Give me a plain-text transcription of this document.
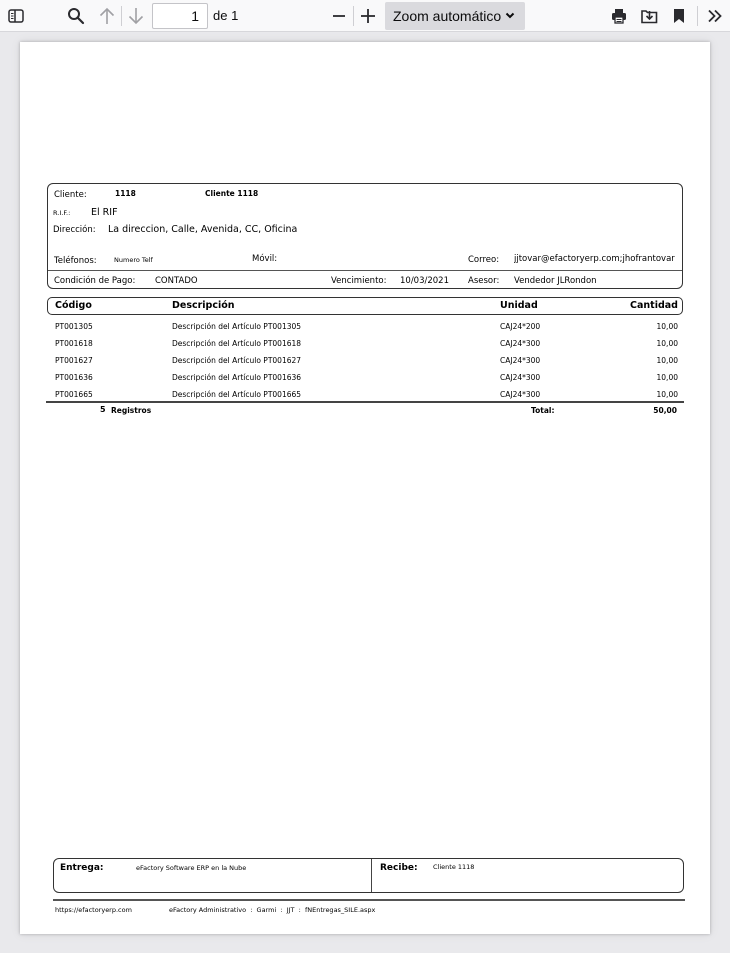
1	de 1	Zoom automático
Cliente:	1118	Cliente 1118
R.I.F.: El RIF
Dirección: La direccion, Calle, Avenida, CC, Oficina
Teléfonos:	Numero Telf	Móvil:	Correo: jjtovar@efactoryerp.com;jhofrantovar
Condición de Pago: CONTADO	Vencimiento: 10/03/2021 Asesor: Vendedor JLRondon
Código	Descripción	Unidad	Cantidad
PT001305	Descripción del Artículo PT001305	CAJ24*200	10,00
PT001618	Descripción del Artículo PT001618	CAJ24*300	10,00
PT001627	Descripción del Artículo PT001627	CAJ24*300	10,00
PT001636	Descripción del Artículo PT001636	CAJ24*300	10,00
PT001665	Descripción del Artículo PT001665	CAJ24*300	10,00
5 Registros	Total:	50,00
Entrega:	eFactory Software ERP en la Nube	Recibe: Cliente 1118
https://efactoryerp.com	eFactory Administrativo  :  Garmi  :  JJT  :  fNEntregas_SILE.aspx
